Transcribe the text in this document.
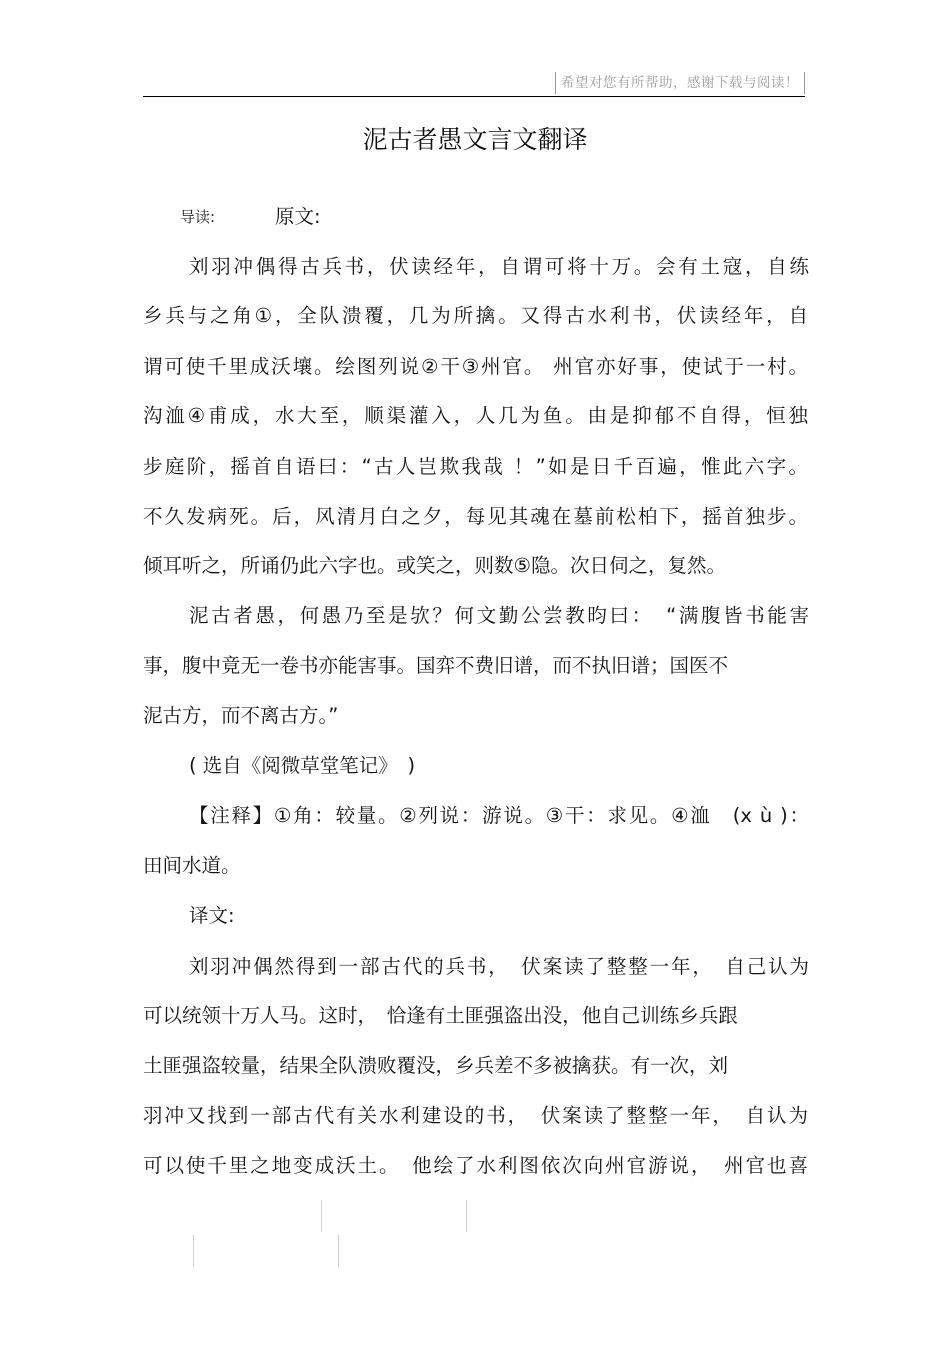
希望对您有所帮助，感谢下载与阅读！
泥古者愚文言文翻译
导读:	原文:
刘羽冲偶得古兵书，伏读经年，自谓可将十万。会有土寇，自练
乡兵与之角①，全队溃覆，几为所擒。又得古水利书，伏读经年，自
谓可使千里成沃壤。绘图列说②干③州官。 州官亦好事，使试于一村。
沟洫④甫成，水大至，顺渠灌入，人几为鱼。由是抑郁不自得，恒独
步庭阶，摇首自语曰：“古人岂欺我哉 ！”如是日千百遍，惟此六字。
不久发病死。后，风清月白之夕，每见其魂在墓前松柏下，摇首独步。
倾耳听之，所诵仍此六字也。或笑之，则数⑤隐。次日伺之，复然。
泥古者愚，何愚乃至是欤？何文勤公尝教昀曰：　“满腹皆书能害
事，腹中竟无一卷书亦能害事。国弈不费旧谱，而不执旧谱；国医不
泥古方，而不离古方。”
( 选自《阅微草堂笔记》　)
【注释】①角：较量。②列说：游说。③干：求见。④洫　(x ù )：
田间水道。
译文:
刘羽冲偶然得到一部古代的兵书，　伏案读了整整一年，　自己认为
可以统领十万人马。这时，　恰逢有土匪强盗出没，他自己训练乡兵跟
土匪强盗较量，结果全队溃败覆没，乡兵差不多被擒获。有一次，刘
羽冲又找到一部古代有关水利建设的书，　伏案读了整整一年，　自认为
可以使千里之地变成沃土。　他绘了水利图依次向州官游说，　州官也喜
